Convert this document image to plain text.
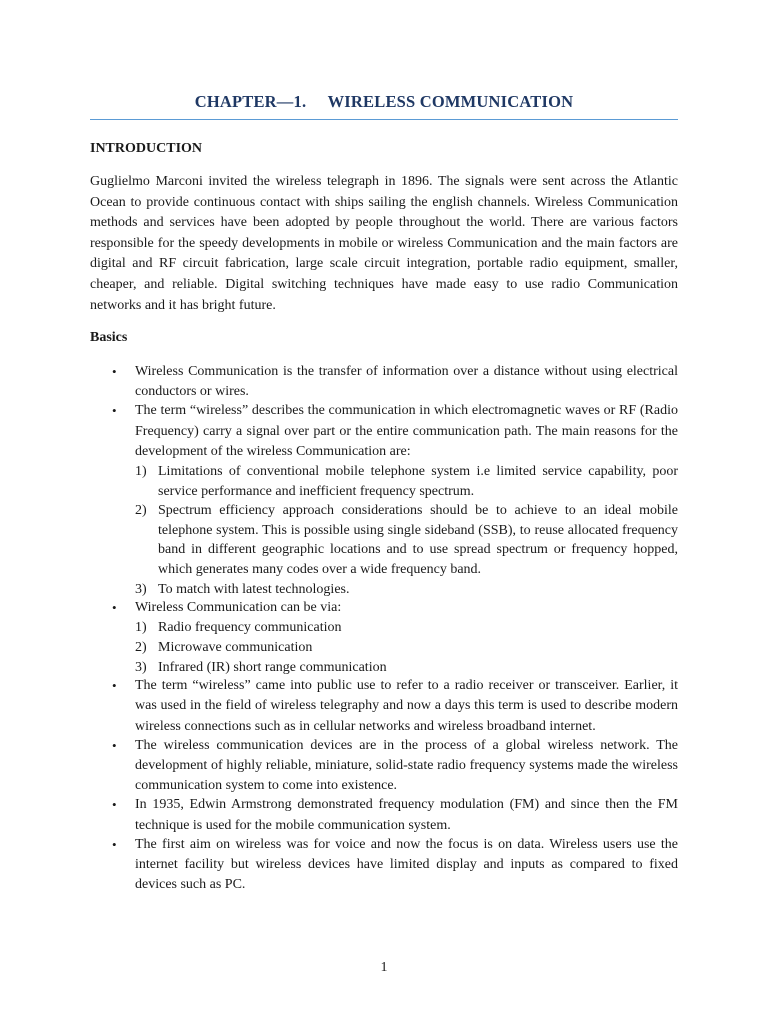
CHAPTER—1.     WIRELESS COMMUNICATION
INTRODUCTION
Guglielmo Marconi invited the wireless telegraph in 1896. The signals were sent across the Atlantic Ocean to provide continuous contact with ships sailing the english channels. Wireless Communication methods and services have been adopted by people throughout the world. There are various factors responsible for the speedy developments in mobile or wireless Communication and the main factors are digital and RF circuit fabrication, large scale circuit integration, portable radio equipment, smaller, cheaper, and reliable. Digital switching techniques have made easy to use radio Communication networks and it has bright future.
Basics
• Wireless Communication is the transfer of information over a distance without using electrical conductors or wires.
• The term “wireless” describes the communication in which electromagnetic waves or RF (Radio Frequency) carry a signal over part or the entire communication path. The main reasons for the development of the wireless Communication are:
1) Limitations of conventional mobile telephone system i.e limited service capability, poor service performance and inefficient frequency spectrum.
2) Spectrum efficiency approach considerations should be to achieve to an ideal mobile telephone system. This is possible using single sideband (SSB), to reuse allocated frequency band in different geographic locations and to use spread spectrum or frequency hopped, which generates many codes over a wide frequency band.
3) To match with latest technologies.
• Wireless Communication can be via:
1) Radio frequency communication
2) Microwave communication
3) Infrared (IR) short range communication
• The term “wireless” came into public use to refer to a radio receiver or transceiver. Earlier, it was used in the field of wireless telegraphy and now a days this term is used to describe modern wireless connections such as in cellular networks and wireless broadband internet.
• The wireless communication devices are in the process of a global wireless network. The development of highly reliable, miniature, solid-state radio frequency systems made the wireless communication system to come into existence.
• In 1935, Edwin Armstrong demonstrated frequency modulation (FM) and since then the FM technique is used for the mobile communication system.
• The first aim on wireless was for voice and now the focus is on data. Wireless users use the internet facility but wireless devices have limited display and inputs as compared to fixed devices such as PC.
1
